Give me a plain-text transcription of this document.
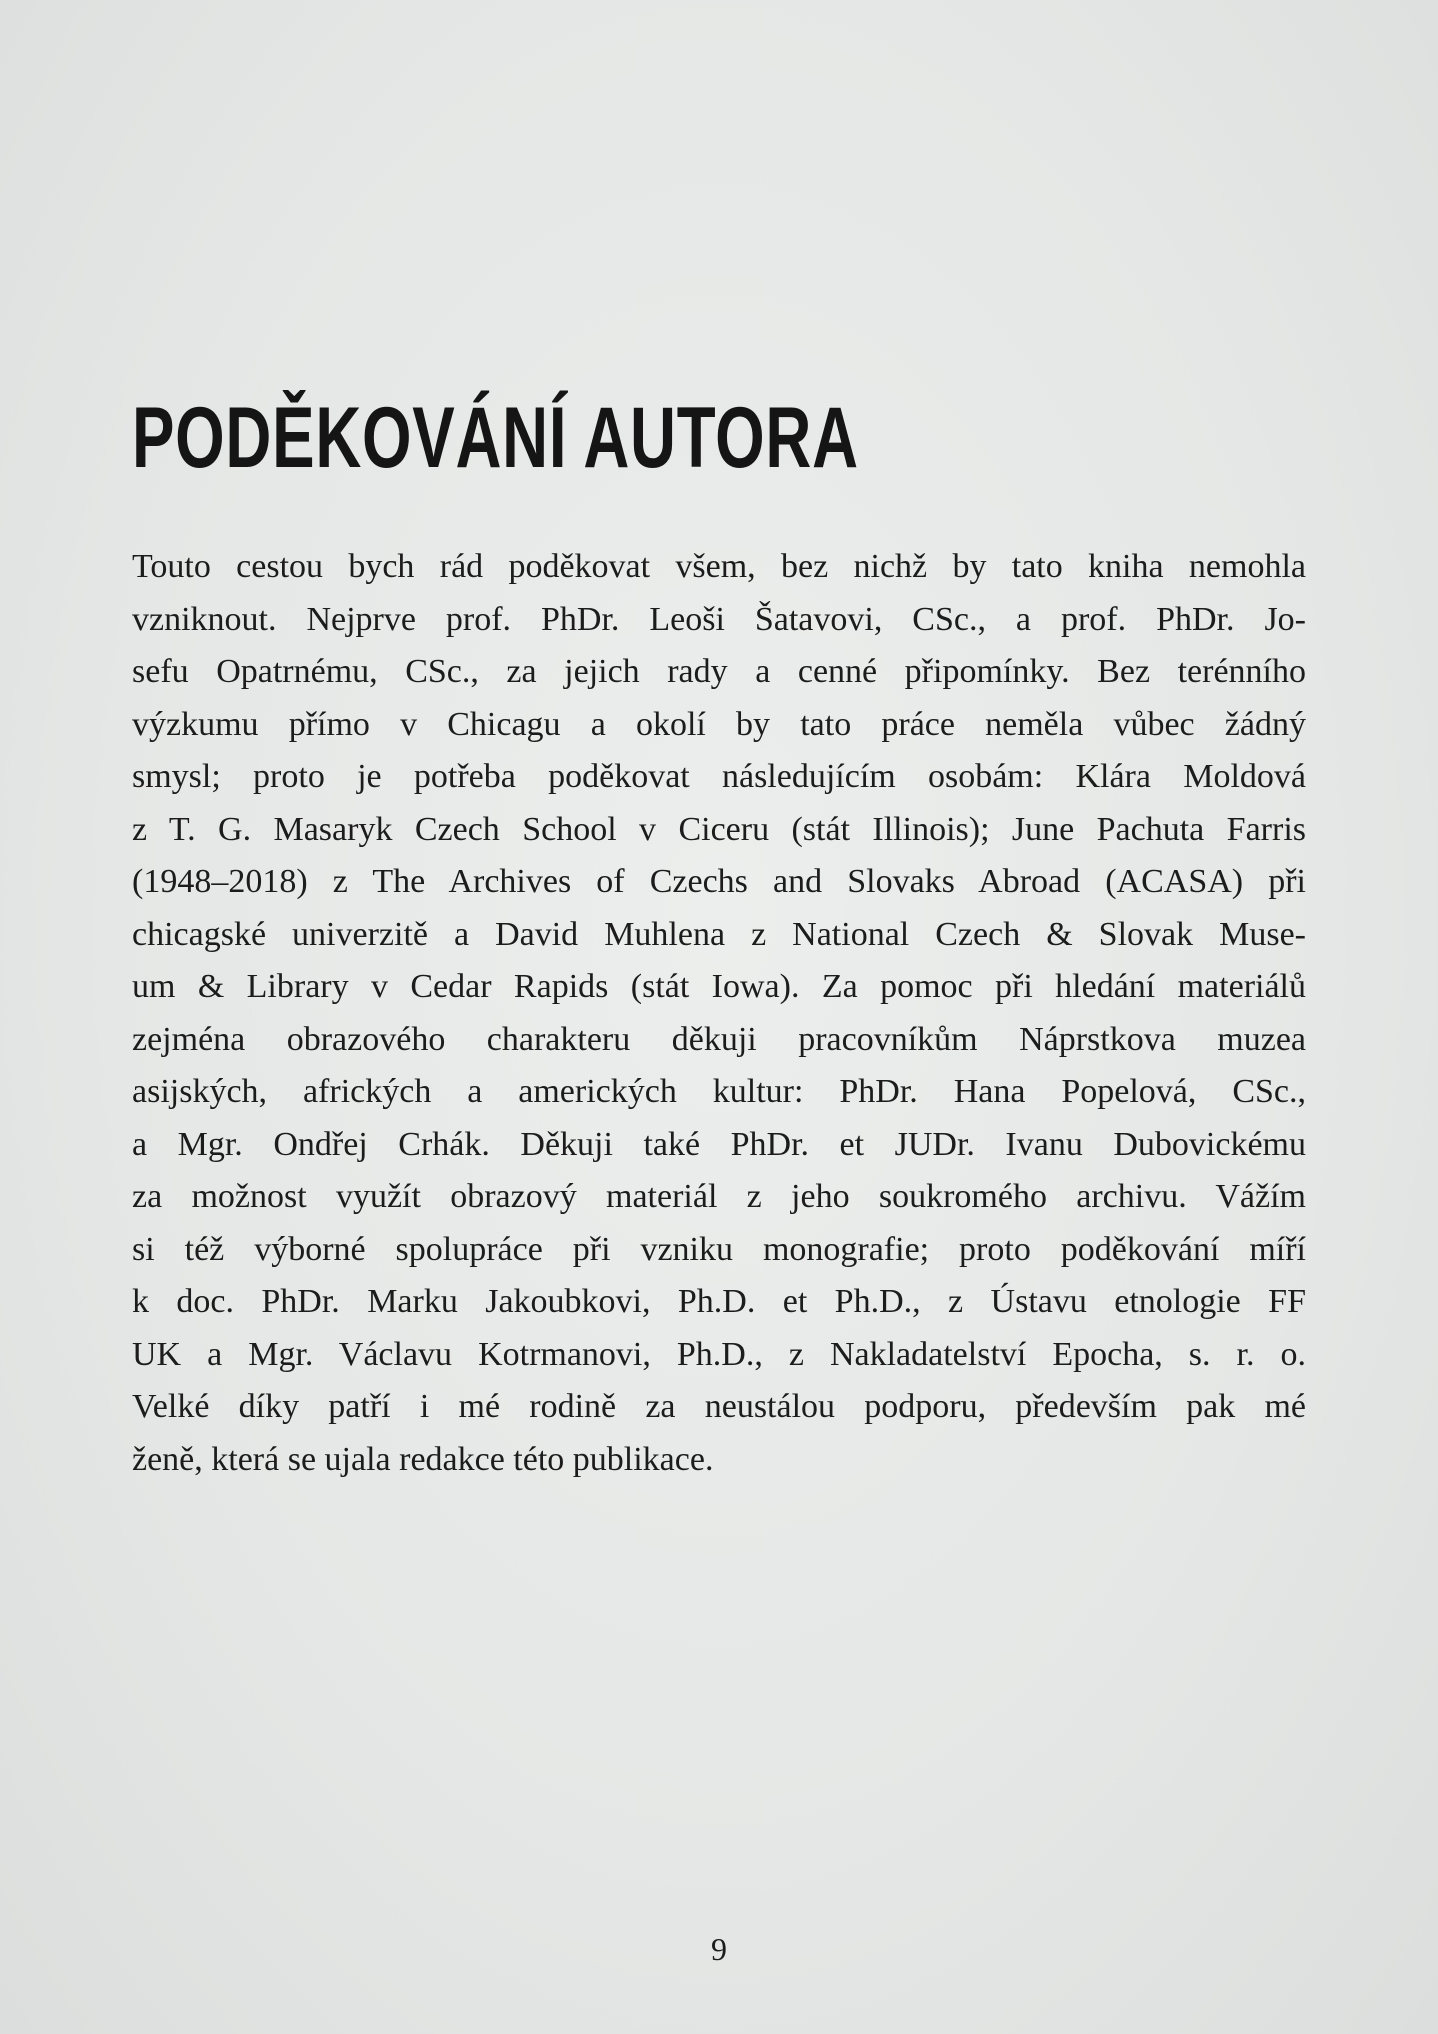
PODĚKOVÁNÍ AUTORA
Touto cestou bych rád poděkovat všem, bez nichž by tato kniha nemohla
vzniknout. Nejprve prof. PhDr. Leoši Šatavovi, CSc., a prof. PhDr. Jo-
sefu Opatrnému, CSc., za jejich rady a cenné připomínky. Bez terénního
výzkumu přímo v Chicagu a okolí by tato práce neměla vůbec žádný
smysl; proto je potřeba poděkovat následujícím osobám: Klára Moldová
z T. G. Masaryk Czech School v Ciceru (stát Illinois); June Pachuta Farris
(1948–2018) z The Archives of Czechs and Slovaks Abroad (ACASA) při
chicagské univerzitě a David Muhlena z National Czech & Slovak Muse-
um & Library v Cedar Rapids (stát Iowa). Za pomoc při hledání materiálů
zejména obrazového charakteru děkuji pracovníkům Náprstkova muzea
asijských, afrických a amerických kultur: PhDr. Hana Popelová, CSc.,
a Mgr. Ondřej Crhák. Děkuji také PhDr. et JUDr. Ivanu Dubovickému
za možnost využít obrazový materiál z jeho soukromého archivu. Vážím
si též výborné spolupráce při vzniku monografie; proto poděkování míří
k doc. PhDr. Marku Jakoubkovi, Ph.D. et Ph.D., z Ústavu etnologie FF
UK a Mgr. Václavu Kotrmanovi, Ph.D., z Nakladatelství Epocha, s. r. o.
Velké díky patří i mé rodině za neustálou podporu, především pak mé
ženě, která se ujala redakce této publikace.
9
